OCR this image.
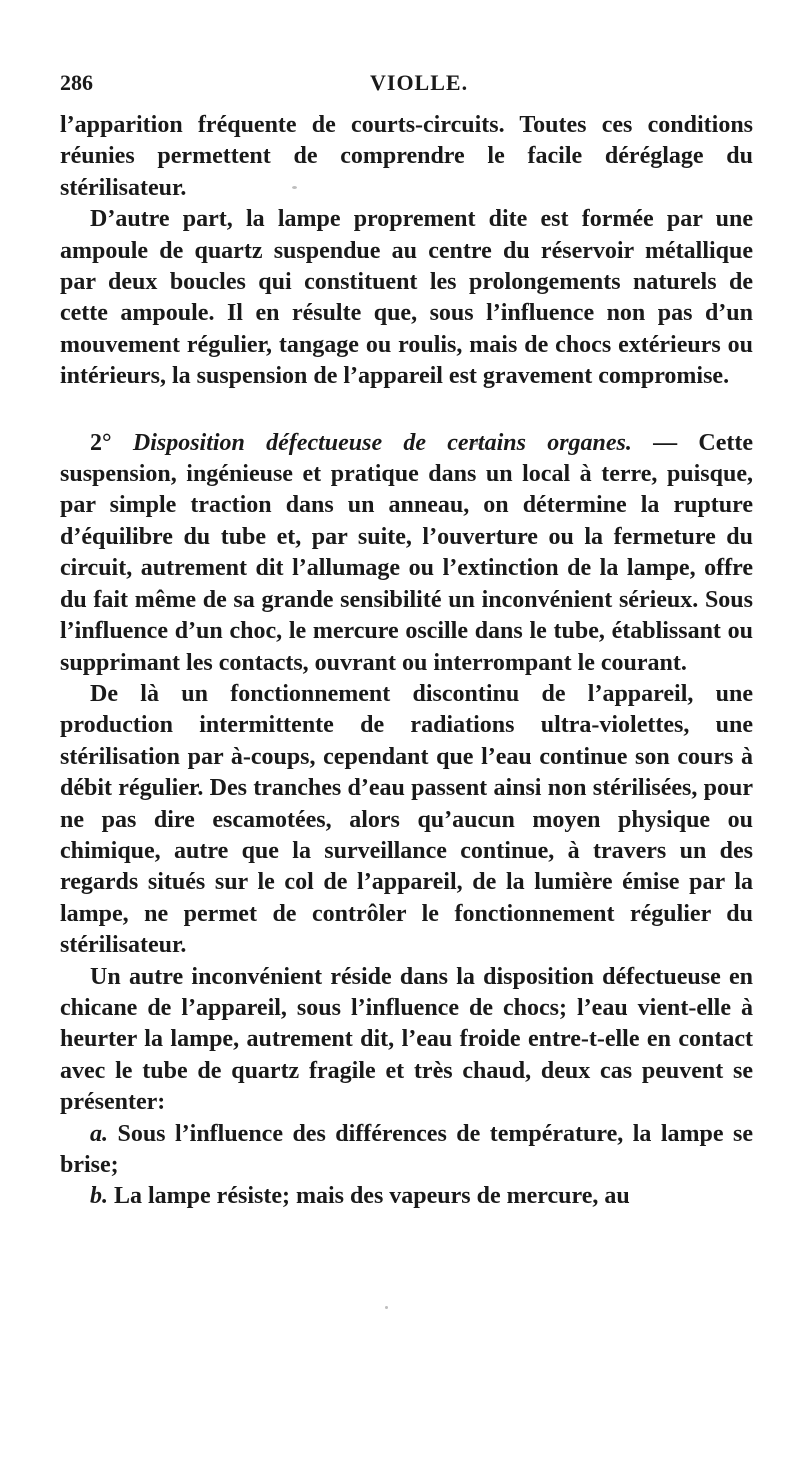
286	VIOLLE.

l’apparition fréquente de courts-circuits. Toutes ces conditions réunies permettent de comprendre le facile déréglage du stérilisateur.

D’autre part, la lampe proprement dite est formée par une ampoule de quartz suspendue au centre du réservoir métallique par deux boucles qui constituent les prolongements naturels de cette ampoule. Il en résulte que, sous l’influence non pas d’un mouvement régulier, tangage ou roulis, mais de chocs extérieurs ou intérieurs, la suspension de l’appareil est gravement compromise.

2° Disposition défectueuse de certains organes. — Cette suspension, ingénieuse et pratique dans un local à terre, puisque, par simple traction dans un anneau, on détermine la rupture d’équilibre du tube et, par suite, l’ouverture ou la fermeture du circuit, autrement dit l’allumage ou l’extinction de la lampe, offre du fait même de sa grande sensibilité un inconvénient sérieux. Sous l’influence d’un choc, le mercure oscille dans le tube, établissant ou supprimant les contacts, ouvrant ou interrompant le courant.

De là un fonctionnement discontinu de l’appareil, une production intermittente de radiations ultra-violettes, une stérilisation par à-coups, cependant que l’eau continue son cours à débit régulier. Des tranches d’eau passent ainsi non stérilisées, pour ne pas dire escamotées, alors qu’aucun moyen physique ou chimique, autre que la surveillance continue, à travers un des regards situés sur le col de l’appareil, de la lumière émise par la lampe, ne permet de contrôler le fonctionnement régulier du stérilisateur.

Un autre inconvénient réside dans la disposition défectueuse en chicane de l’appareil, sous l’influence de chocs; l’eau vient-elle à heurter la lampe, autrement dit, l’eau froide entre-t-elle en contact avec le tube de quartz fragile et très chaud, deux cas peuvent se présenter:

a. Sous l’influence des différences de température, la lampe se brise;

b. La lampe résiste; mais des vapeurs de mercure, au
